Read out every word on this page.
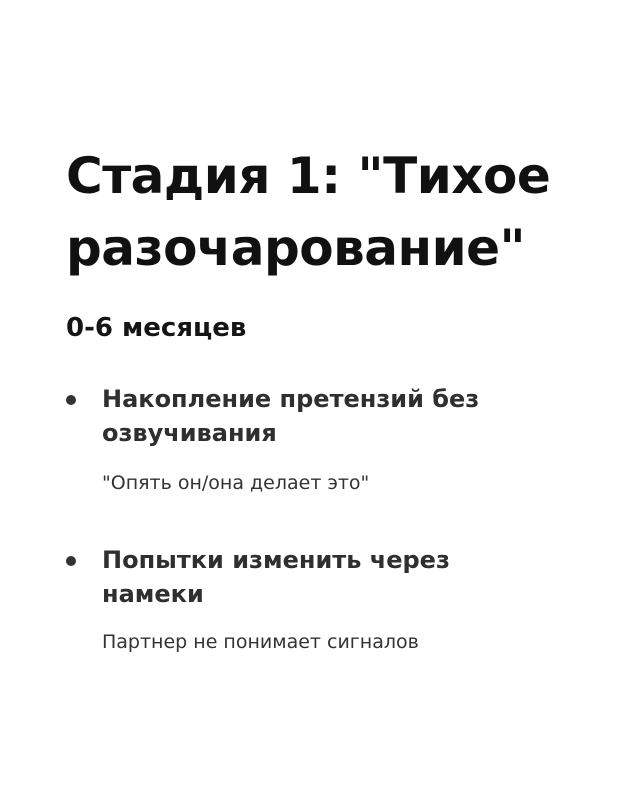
Стадия 1: "Тихое разочарование"
0-6 месяцев

Накопление претензий без озвучивания

"Опять он/она делает это"

Попытки изменить через намеки

Партнер не понимает сигналов
